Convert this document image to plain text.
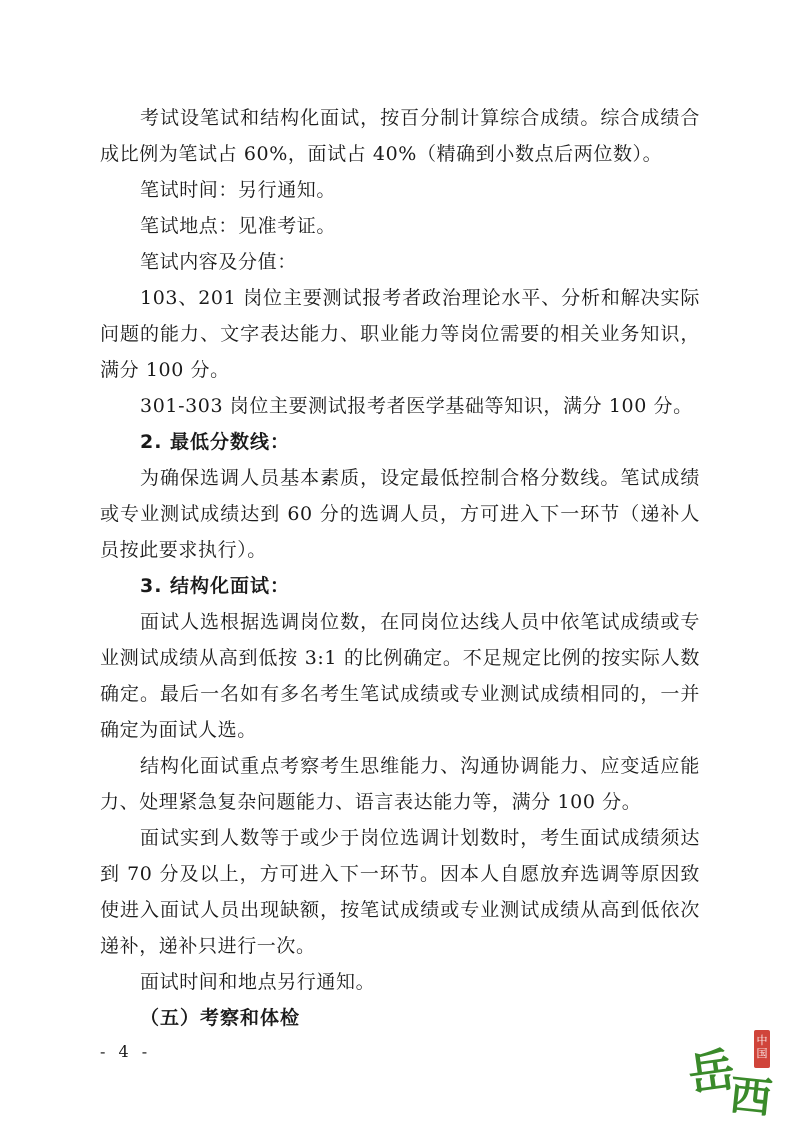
考试设笔试和结构化面试，按百分制计算综合成绩。综合成绩合成比例为笔试占 60%，面试占 40%（精确到小数点后两位数）。
笔试时间：另行通知。
笔试地点：见准考证。
笔试内容及分值：
103、201 岗位主要测试报考者政治理论水平、分析和解决实际问题的能力、文字表达能力、职业能力等岗位需要的相关业务知识，满分 100 分。
301-303 岗位主要测试报考者医学基础等知识，满分 100 分。
2. 最低分数线：
为确保选调人员基本素质，设定最低控制合格分数线。笔试成绩或专业测试成绩达到 60 分的选调人员，方可进入下一环节（递补人员按此要求执行）。
3. 结构化面试：
面试人选根据选调岗位数，在同岗位达线人员中依笔试成绩或专业测试成绩从高到低按 3:1 的比例确定。不足规定比例的按实际人数确定。最后一名如有多名考生笔试成绩或专业测试成绩相同的，一并确定为面试人选。
结构化面试重点考察考生思维能力、沟通协调能力、应变适应能力、处理紧急复杂问题能力、语言表达能力等，满分 100 分。
面试实到人数等于或少于岗位选调计划数时，考生面试成绩须达到 70 分及以上，方可进入下一环节。因本人自愿放弃选调等原因致使进入面试人员出现缺额，按笔试成绩或专业测试成绩从高到低依次递补，递补只进行一次。
面试时间和地点另行通知。
（五）考察和体检
- 4 -	岳
西
中国
